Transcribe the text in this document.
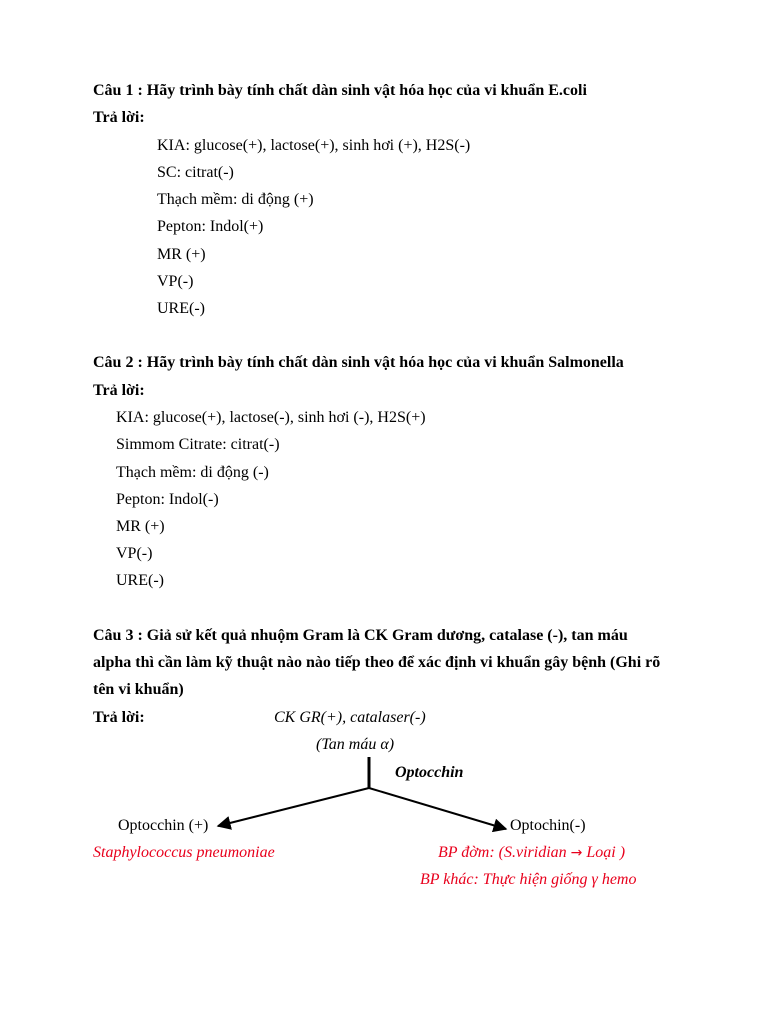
Câu 1 : Hãy trình bày tính chất dàn sinh vật hóa học của vi khuẩn E.coli
Trả lời:
KIA: glucose(+), lactose(+), sinh hơi (+), H2S(-)
SC: citrat(-)
Thạch mềm: di động (+)
Pepton: Indol(+)
MR (+)
VP(-)
URE(-)
Câu 2 : Hãy trình bày tính chất dàn sinh vật hóa học của vi khuẩn Salmonella
Trả lời:
KIA: glucose(+), lactose(-), sinh hơi (-), H2S(+)
Simmom Citrate: citrat(-)
Thạch mềm: di động (-)
Pepton: Indol(-)
MR (+)
VP(-)
URE(-)
Câu 3 : Giả sử kết quả nhuộm Gram là CK Gram dương, catalase (-), tan máu
alpha thì cần làm kỹ thuật nào nào tiếp theo để xác định vi khuẩn gây bệnh (Ghi rõ
tên vi khuẩn)
Trả lời:	CK GR(+), catalaser(-)
(Tan máu α)
Optocchin
Optocchin (+)	Optochin(-)
Staphylococcus pneumoniae	BP đờm: (S.viridian → Loại )
BP khác: Thực hiện giống γ hemo
